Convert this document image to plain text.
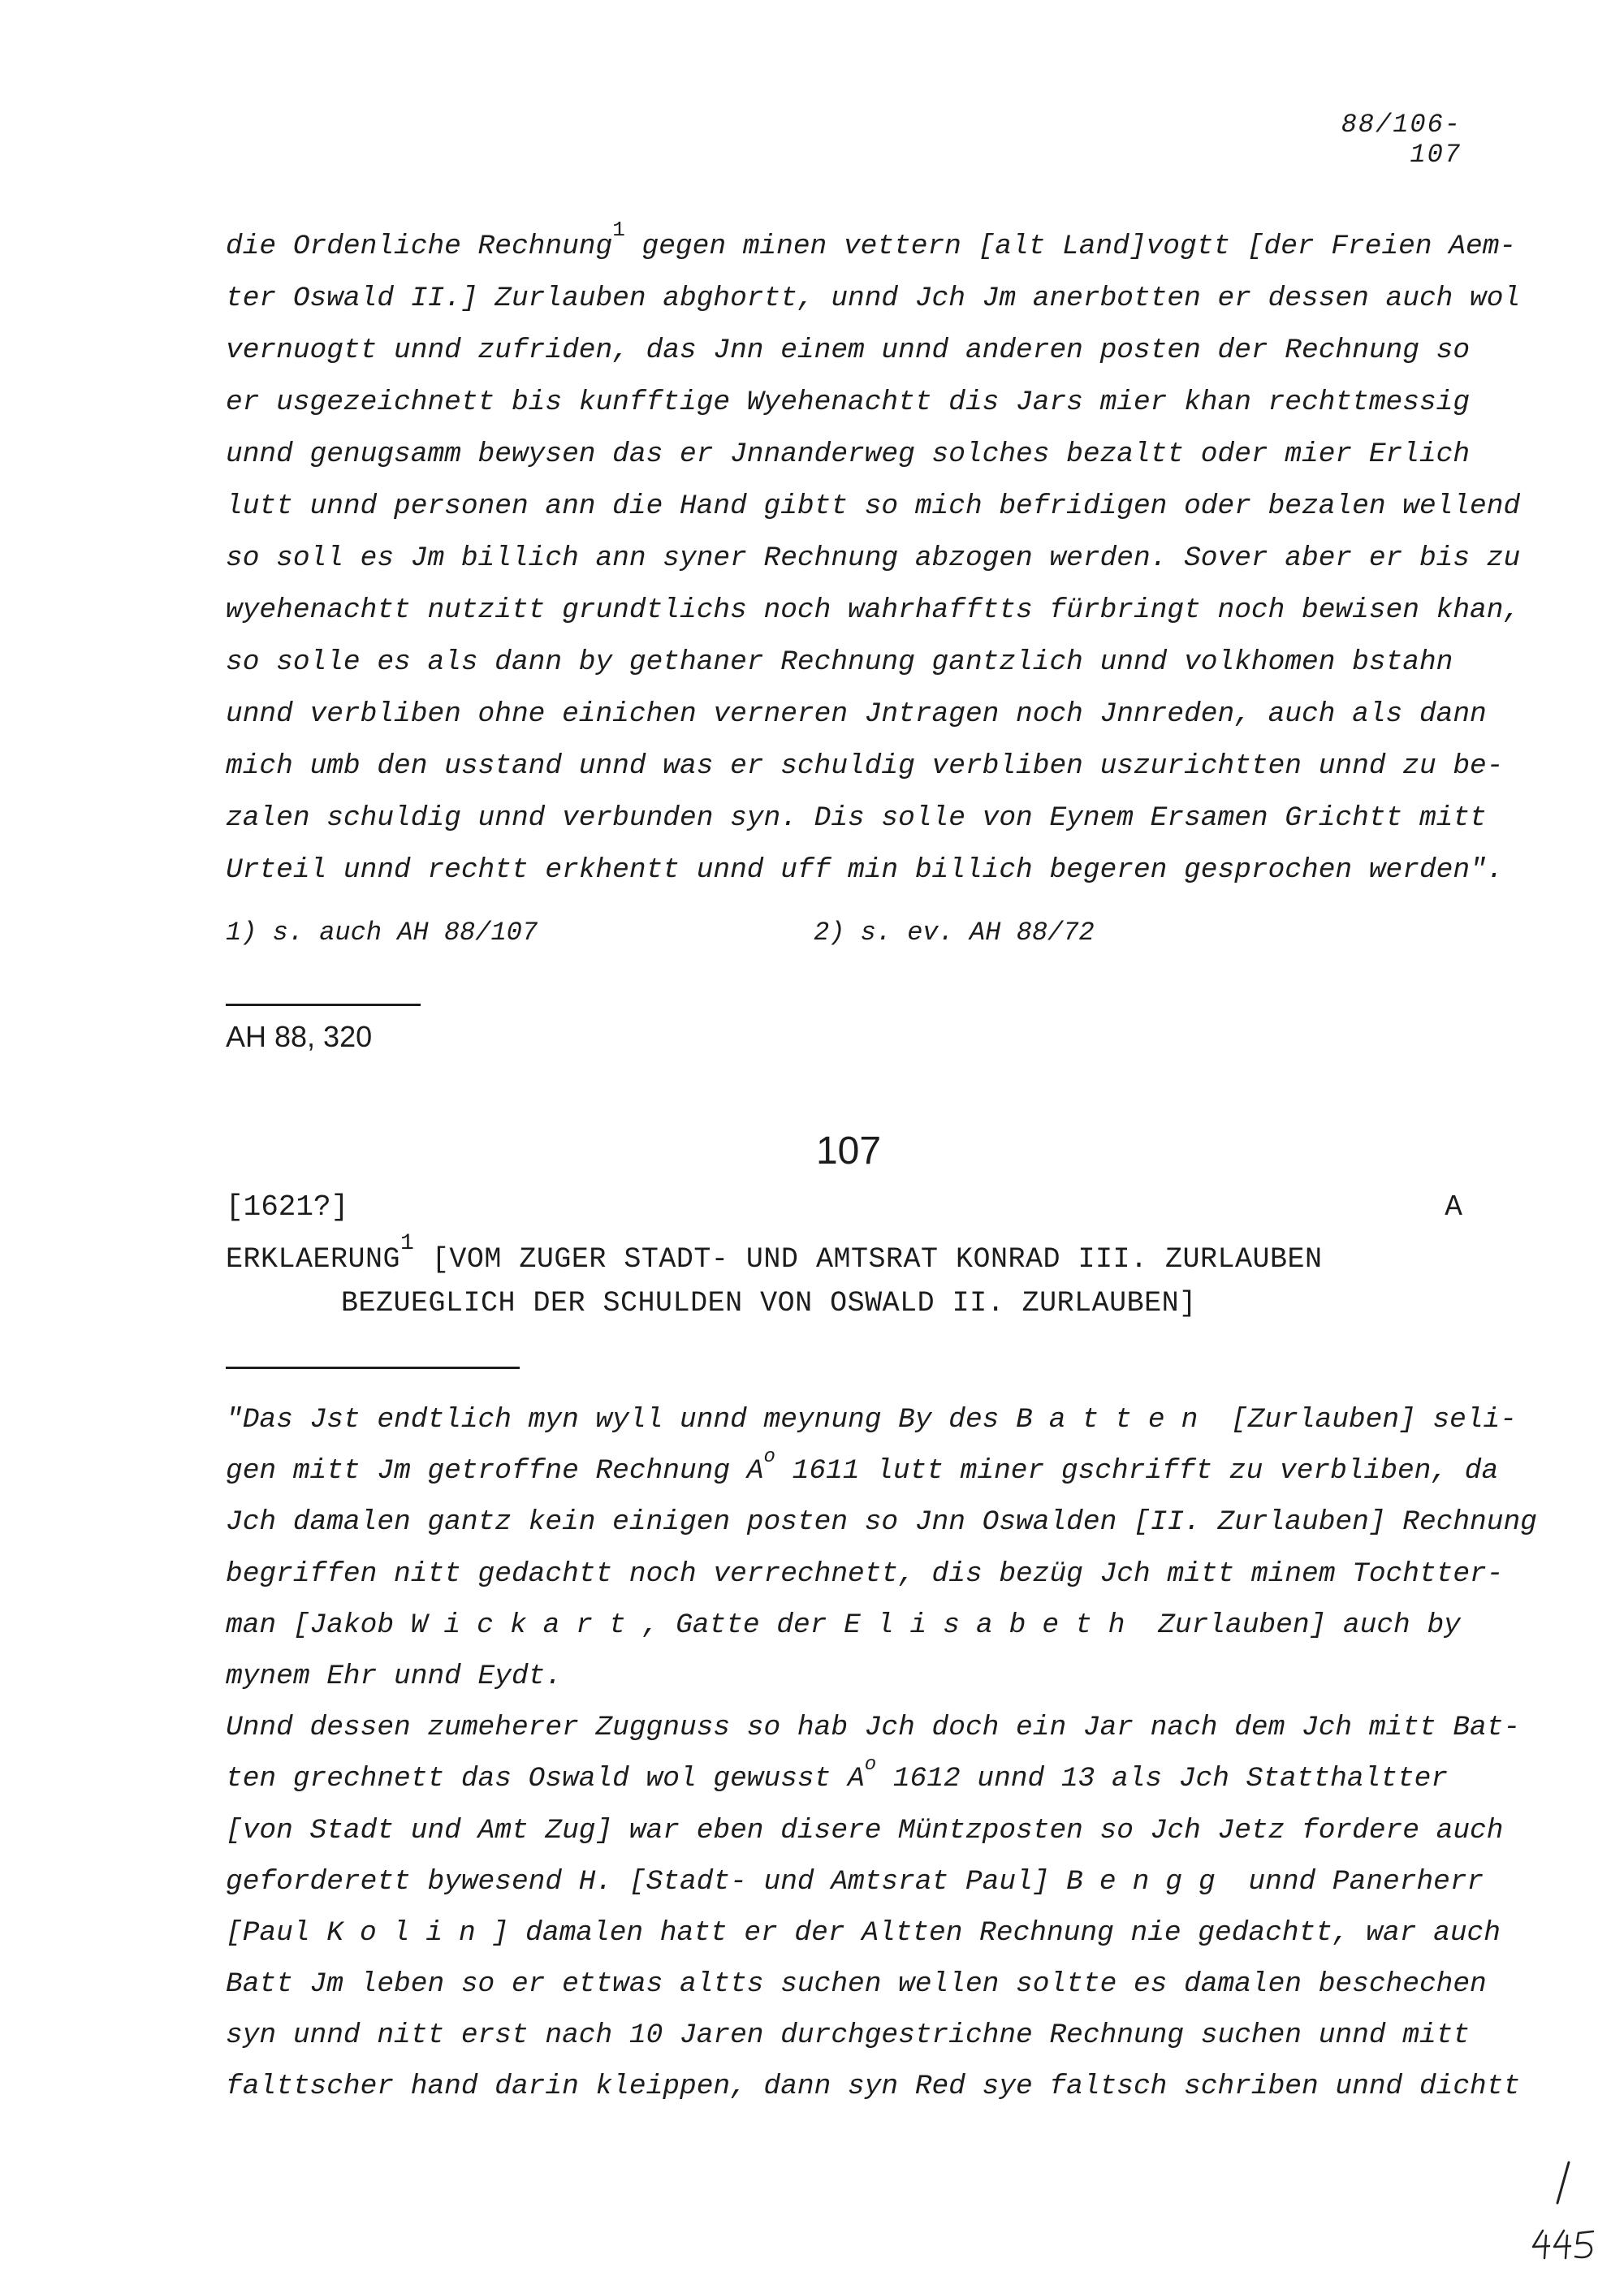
88/106-107
die Ordenliche Rechnung$^1$ gegen minen vettern [alt Land]vogtt [der Freien Aem-
ter Oswald II.] Zurlauben abghortt, unnd Jch Jm anerbotten er dessen auch wol
vernuogtt unnd zufriden, das Jnn einem unnd anderen posten der Rechnung so
er usgezeichnett bis kunfftige Wyehenachtt dis Jars mier khan rechttmessig
unnd genugsamm bewysen das er Jnnanderweg solches bezaltt oder mier Erlich
lutt unnd personen ann die Hand gibtt so mich befridigen oder bezalen wellend
so soll es Jm billich ann syner Rechnung abzogen werden. Sover aber er bis zu
wyehenachtt nutzitt grundtlichs noch wahrhafftts fürbringt noch bewisen khan,
so solle es als dann by gethaner Rechnung gantzlich unnd volkhomen bstahn
unnd verbliben ohne einichen verneren Jntragen noch Jnnreden, auch als dann
mich umb den usstand unnd was er schuldig verbliben uszurichtten unnd zu be-
zalen schuldig unnd verbunden syn. Dis solle von Eynem Ersamen Grichtt mitt
Urteil unnd rechtt erkhentt unnd uff min billich begeren gesprochen werden".
1) s. auch AH 88/107	2) s. ev. AH 88/72
AH 88, 320
107
[1621?]	A
ERKLAERUNG$^1$ [VOM ZUGER STADT- UND AMTSRAT KONRAD III. ZURLAUBEN
BEZUEGLICH DER SCHULDEN VON OSWALD II. ZURLAUBEN]
"Das Jst endtlich myn wyll unnd meynung By des Batten [Zurlauben] seli-
gen mitt Jm getroffne Rechnung $A^o$ 1611 lutt miner gschrifft zu verbliben, da
Jch damalen gantz kein einigen posten so Jnn Oswalden [II. Zurlauben] Rechnung
begriffen nitt gedachtt noch verrechnett, dis bezüg Jch mitt minem Tochtter-
man [Jakob Wickart, Gatte der Elisabeth Zurlauben] auch by
mynem Ehr unnd Eydt.
Unnd dessen zumeherer Zuggnuss so hab Jch doch ein Jar nach dem Jch mitt Bat-
ten grechnett das Oswald wol gewusst $A^o$ 1612 unnd 13 als Jch Statthaltter
[von Stadt und Amt Zug] war eben disere Müntzposten so Jch Jetz fordere auch
geforderett bywesend H. [Stadt- und Amtsrat Paul] Bengg unnd Panerherr
[Paul Kolin] damalen hatt er der Altten Rechnung nie gedachtt, war auch
Batt Jm leben so er ettwas altts suchen wellen soltte es damalen beschechen
syn unnd nitt erst nach 10 Jaren durchgestrichne Rechnung suchen unnd mitt
falttscher hand darin kleippen, dann syn Red sye faltsch schriben unnd dichtt
